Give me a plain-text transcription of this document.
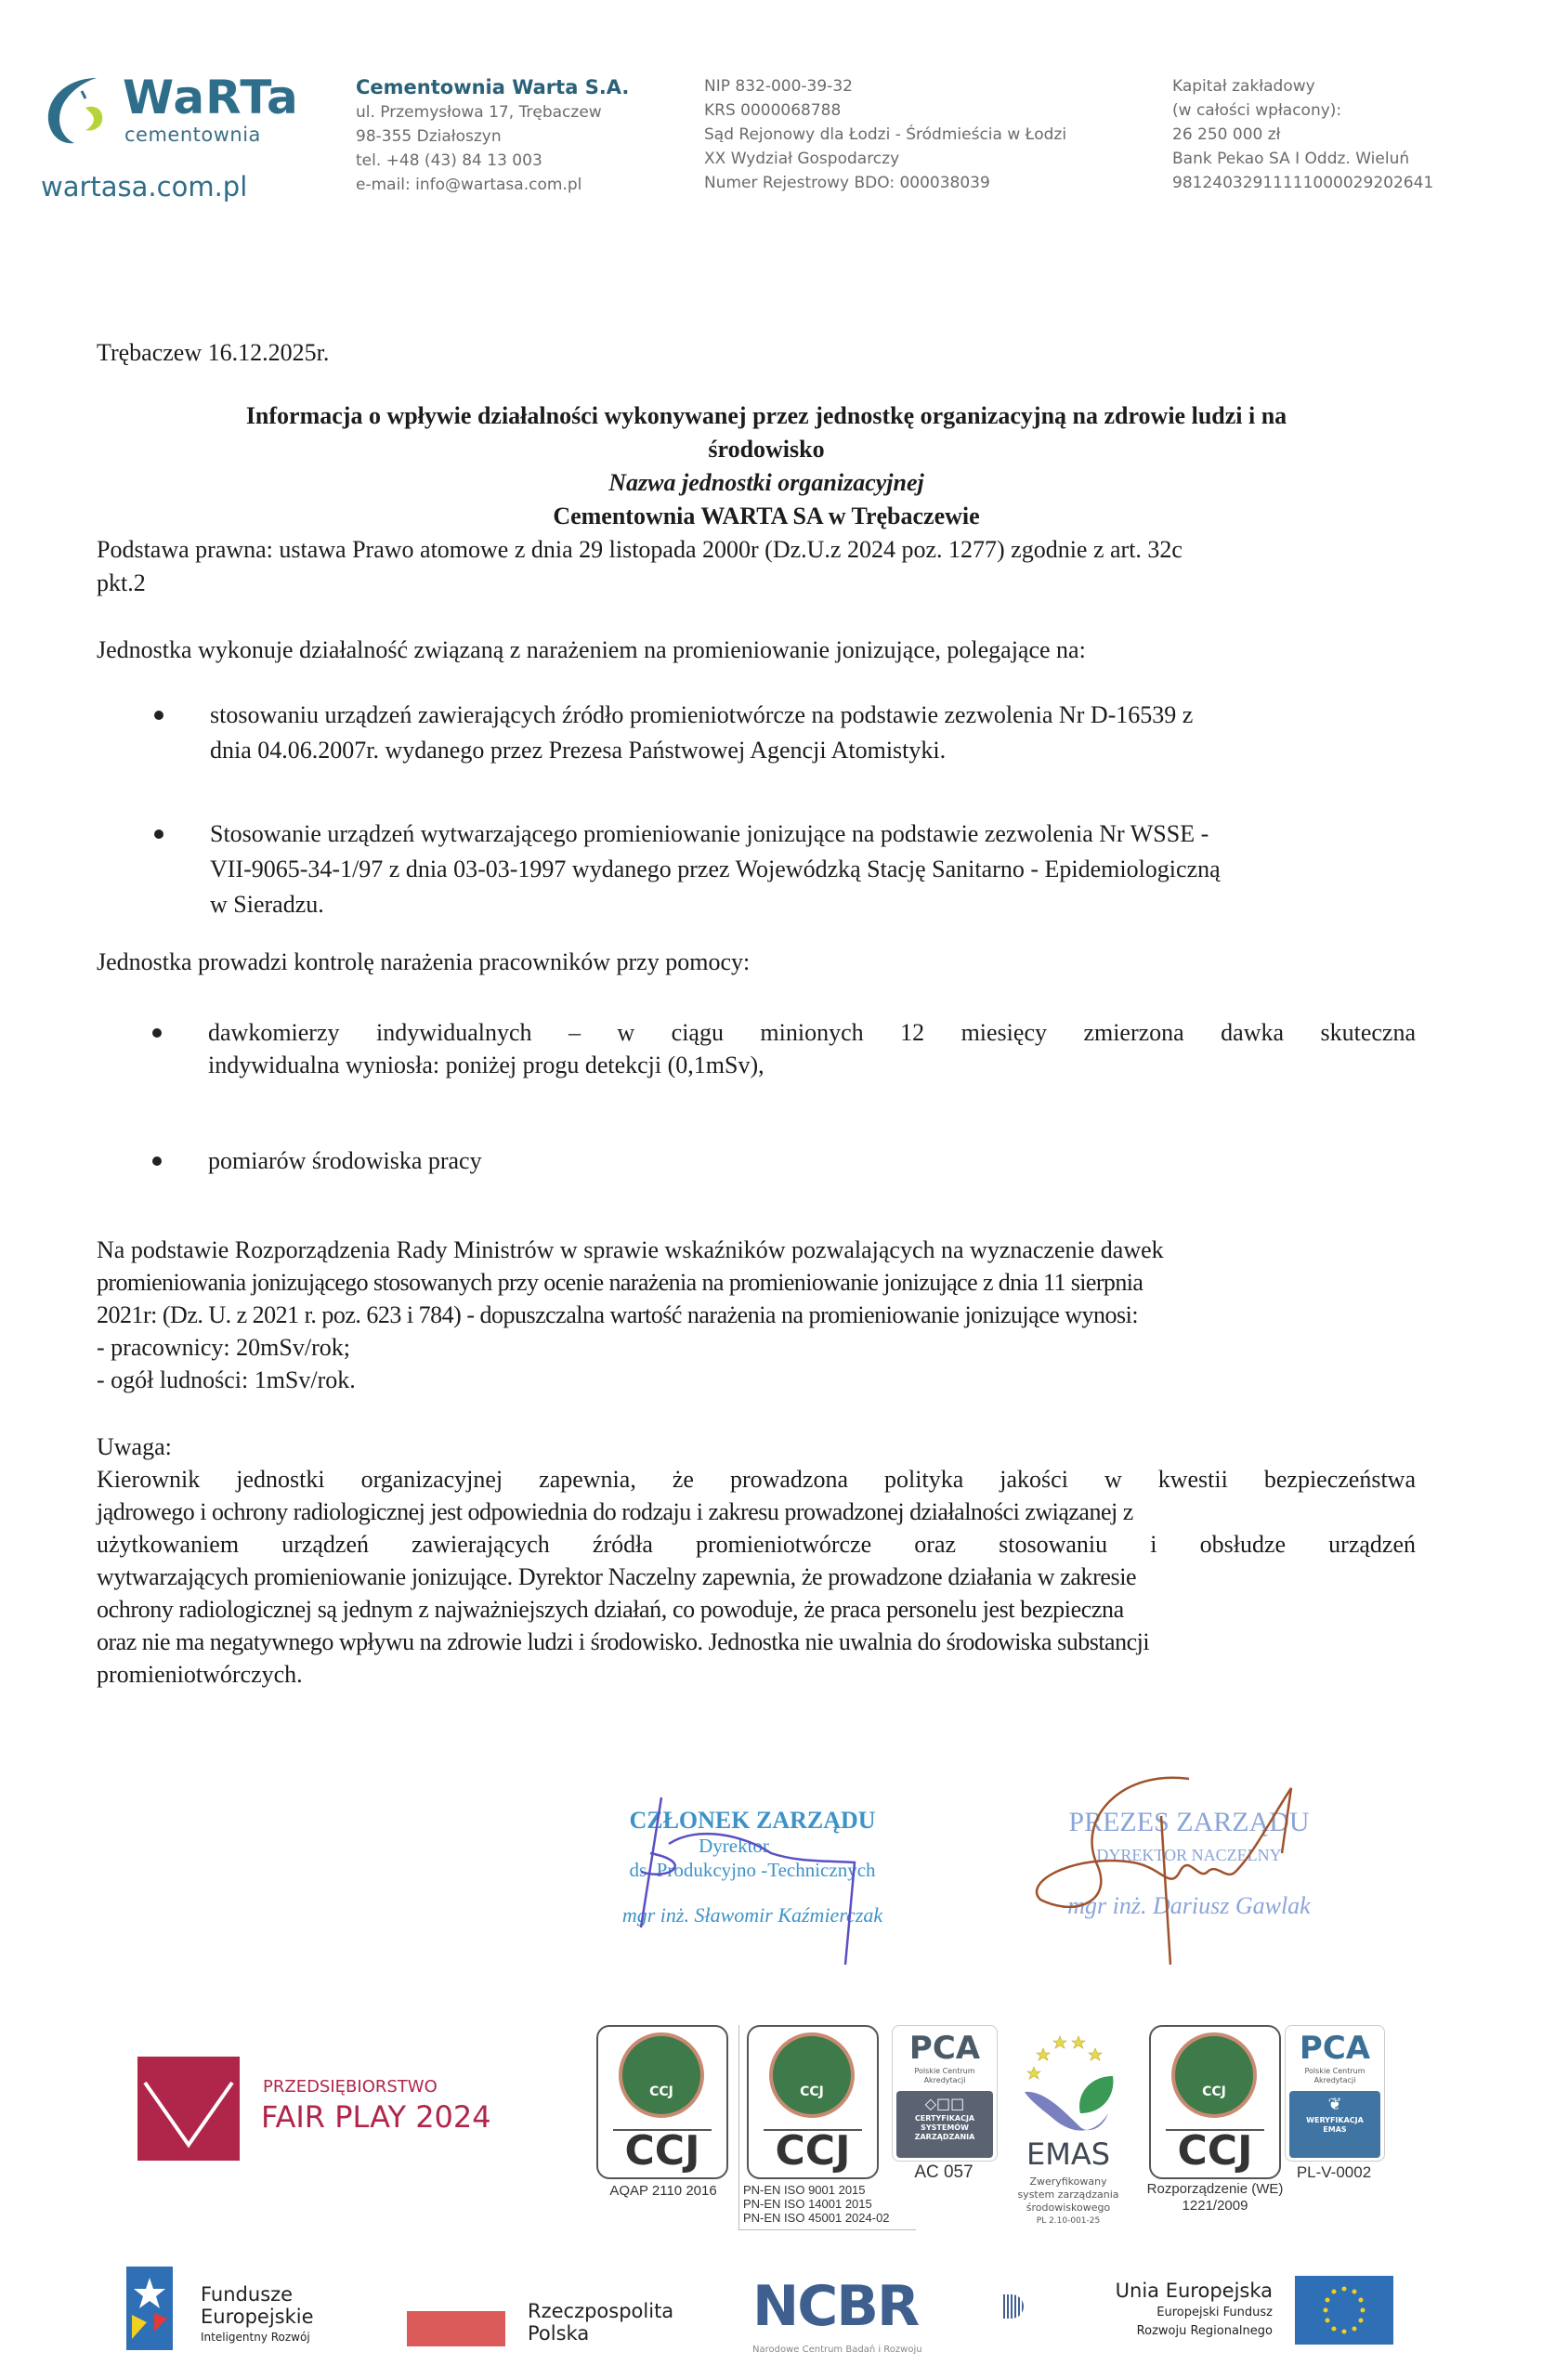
WaRTa
cementownia
wartasa.com.pl
Cementownia Warta S.A.
ul. Przemysłowa 17, Trębaczew
98-355 Działoszyn
tel. +48 (43) 84 13 003
e-mail: info@wartasa.com.pl
NIP 832-000-39-32
KRS 0000068788
Sąd Rejonowy dla Łodzi - Śródmieścia w Łodzi
XX Wydział Gospodarczy
Numer Rejestrowy BDO: 000038039
Kapitał zakładowy
(w całości wpłacony):
26 250 000 zł
Bank Pekao SA I Oddz. Wieluń
98124032911111000029202641
Trębaczew 16.12.2025r.
Informacja o wpływie działalności wykonywanej przez jednostkę organizacyjną na zdrowie ludzi i na
środowisko
Nazwa jednostki organizacyjnej
Cementownia WARTA SA w Trębaczewie
Podstawa prawna: ustawa Prawo atomowe z dnia 29 listopada 2000r (Dz.U.z 2024 poz. 1277) zgodnie z art. 32c
pkt.2
Jednostka wykonuje działalność związaną z narażeniem na promieniowanie jonizujące, polegające na:
stosowaniu urządzeń zawierających źródło promieniotwórcze na podstawie zezwolenia Nr D-16539 z
dnia 04.06.2007r. wydanego przez Prezesa Państwowej Agencji Atomistyki.
Stosowanie urządzeń wytwarzającego promieniowanie jonizujące na podstawie zezwolenia Nr WSSE -
VII-9065-34-1/97 z dnia 03-03-1997 wydanego przez Wojewódzką Stację Sanitarno - Epidemiologiczną
w Sieradzu.
Jednostka prowadzi kontrolę narażenia pracowników przy pomocy:
dawkomierzy indywidualnych – w ciągu minionych 12 miesięcy zmierzona dawka skuteczna
indywidualna wyniosła: poniżej progu detekcji (0,1mSv),
pomiarów środowiska pracy
Na podstawie Rozporządzenia Rady Ministrów w sprawie wskaźników pozwalających na wyznaczenie dawek
promieniowania jonizującego stosowanych przy ocenie narażenia na promieniowanie jonizujące z dnia 11 sierpnia
2021r: (Dz. U. z 2021 r. poz. 623 i 784) - dopuszczalna wartość narażenia na promieniowanie jonizujące wynosi:
- pracownicy: 20mSv/rok;
- ogół ludności: 1mSv/rok.
Uwaga:
Kierownik jednostki organizacyjnej zapewnia, że prowadzona polityka jakości w kwestii bezpieczeństwa
jądrowego i ochrony radiologicznej jest odpowiednia do rodzaju i zakresu prowadzonej działalności związanej z
użytkowaniem urządzeń zawierających źródła promieniotwórcze oraz stosowaniu i obsłudze urządzeń
wytwarzających promieniowanie jonizujące. Dyrektor Naczelny zapewnia, że prowadzone działania w zakresie
ochrony radiologicznej są jednym z najważniejszych działań, co powoduje, że praca personelu jest bezpieczna
oraz nie ma negatywnego wpływu na zdrowie ludzi i środowisko. Jednostka nie uwalnia do środowiska substancji
promieniotwórczych.
CZŁONEK ZARZĄDU
Dyrektor
ds. Produkcyjno -Technicznych
mgr inż. Sławomir Kaźmierczak
PREZES ZARZĄDU
DYREKTOR NACZELNY
mgr inż. Dariusz Gawlak
PRZEDSIĘBIORSTWO
FAIR PLAY 2024
CCJ
CCJ
AQAP 2110 2016
CCJ
CCJ
PN-EN ISO 9001 2015
PN-EN ISO 14001 2015
PN-EN ISO 45001 2024-02
PCA
Polskie Centrum Akredytacji
◇□□
CERTYFIKACJA SYSTEMÓW ZARZĄDZANIA
AC 057
EMAS
Zweryfikowany
system zarządzania
środowiskowego
PL 2.10-001-25
CCJ
CCJ
Rozporządzenie (WE)
1221/2009
PCA
Polskie Centrum Akredytacji
❦
WERYFIKACJA EMAS
PL-V-0002
Fundusze
Europejskie
Inteligentny Rozwój
Rzeczpospolita
Polska	NCBR
Narodowe Centrum Badań i Rozwoju
Unia Europejska
Europejski Fundusz
Rozwoju Regionalnego
